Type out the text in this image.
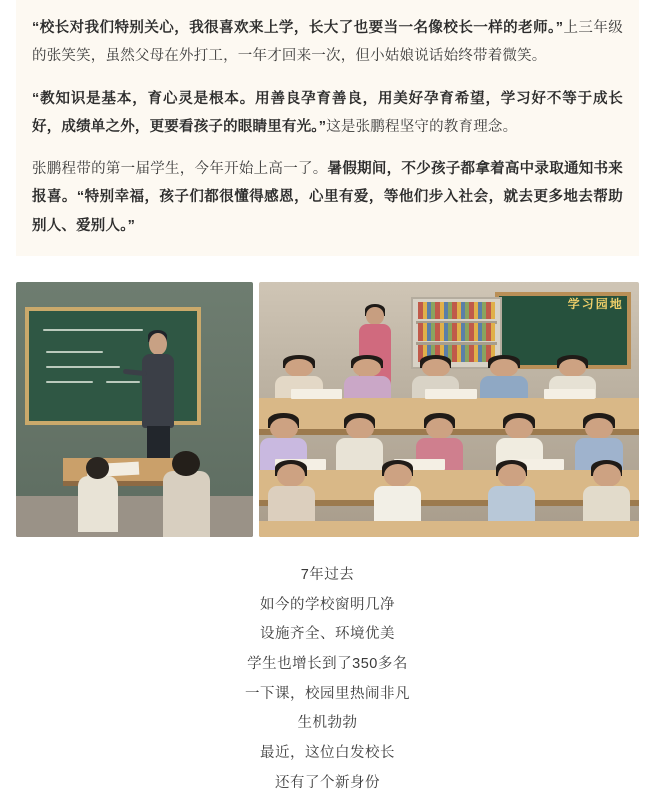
“校长对我们特别关心，我很喜欢来上学，长大了也要当一名像校长一样的老师。”上三年级的张笑笑，虽然父母在外打工，一年才回来一次，但小姑娘说话始终带着微笑。

“教知识是基本，育心灵是根本。用善良孕育善良，用美好孕育希望，学习好不等于成长好，成绩单之外，更要看孩子的眼睛里有光。”这是张鹏程坚守的教育理念。

张鹏程带的第一届学生，今年开始上高一了。暑假期间，不少孩子都拿着高中录取通知书来报喜。“特别幸福，孩子们都很懂得感恩，心里有爱，等他们步入社会，就去更多地去帮助别人、爱别人。”

学习园地
7年过去
如今的学校窗明几净
设施齐全、环境优美
学生也增长到了350多名
一下课，校园里热闹非凡
生机勃勃
最近，这位白发校长
还有了个新身份
